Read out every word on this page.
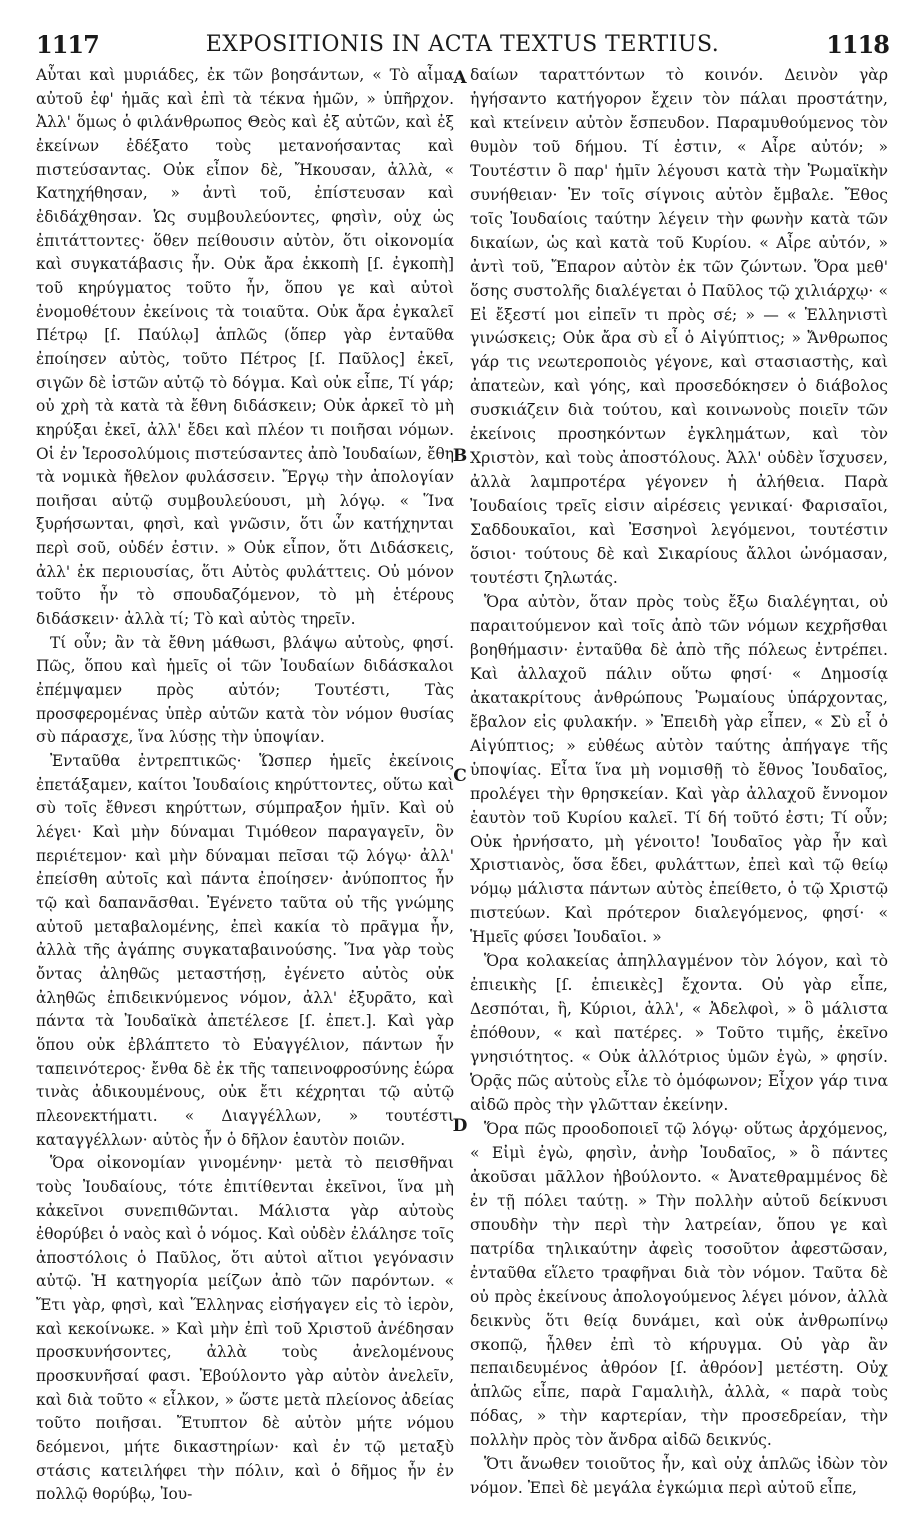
1117	EXPOSITIONIS IN ACTA TEXTUS TERTIUS.	1118

Αὗται καὶ μυριάδες, ἐκ τῶν βοησάντων, « Τὸ αἷμα αὐτοῦ ἐφ' ἡμᾶς καὶ ἐπὶ τὰ τέκνα ἡμῶν, » ὑπῆρχον. Ἀλλ' ὅμως ὁ φιλάνθρωπος Θεὸς καὶ ἐξ αὐτῶν, καὶ ἐξ ἐκείνων ἐδέξατο τοὺς μετανοήσαντας καὶ πιστεύσαντας. Οὐκ εἶπον δὲ, Ἤκουσαν, ἀλλὰ, « Κατηχήθησαν, » ἀντὶ τοῦ, ἐπίστευσαν καὶ ἐδιδάχθησαν. Ὡς συμβουλεύοντες, φησὶν, οὐχ ὡς ἐπιτάττοντες· ὅθεν πείθουσιν αὐτὸν, ὅτι οἰκονομία καὶ συγκατάβασις ἦν. Οὐκ ἄρα ἐκκοπὴ [ſ. ἐγκοπὴ] τοῦ κηρύγματος τοῦτο ἦν, ὅπου γε καὶ αὐτοὶ ἐνομοθέτουν ἐκείνοις τὰ τοιαῦτα. Οὐκ ἄρα ἐγκαλεῖ Πέτρῳ [ſ. Παύλῳ] ἁπλῶς (ὅπερ γὰρ ἐνταῦθα ἐποίησεν αὐτὸς, τοῦτο Πέτρος [ſ. Παῦλος] ἐκεῖ, σιγῶν δὲ ἰστῶν αὐτῷ τὸ δόγμα. Καὶ οὐκ εἶπε, Τί γάρ; οὐ χρὴ τὰ κατὰ τὰ ἔθνη διδάσκειν; Οὐκ ἀρκεῖ τὸ μὴ κηρύξαι ἐκεῖ, ἀλλ' ἔδει καὶ πλέον τι ποιῆσαι νόμων. Οἱ ἐν Ἱεροσολύμοις πιστεύσαντες ἀπὸ Ἰουδαίων, ἔθη τὰ νομικὰ ἤθελον φυλάσσειν. Ἔργῳ τὴν ἀπολογίαν ποιῆσαι αὐτῷ συμβουλεύουσι, μὴ λόγῳ. « Ἵνα ξυρήσωνται, φησὶ, καὶ γνῶσιν, ὅτι ὧν κατήχηνται περὶ σοῦ, οὐδέν ἐστιν. » Οὐκ εἶπον, ὅτι Διδάσκεις, ἀλλ' ἐκ περιουσίας, ὅτι Αὐτὸς φυλάττεις. Οὐ μόνον τοῦτο ἦν τὸ σπουδαζόμενον, τὸ μὴ ἑτέρους διδάσκειν· ἀλλὰ τί; Τὸ καὶ αὐτὸς τηρεῖν.

Τί οὖν; ἂν τὰ ἔθνη μάθωσι, βλάψω αὐτοὺς, φησί. Πῶς, ὅπου καὶ ἡμεῖς οἱ τῶν Ἰουδαίων διδάσκαλοι ἐπέμψαμεν πρὸς αὐτόν; Τουτέστι, Τὰς προσφερομένας ὑπὲρ αὐτῶν κατὰ τὸν νόμον θυσίας σὺ πάρασχε, ἵνα λύσῃς τὴν ὑποψίαν.

Ἐνταῦθα ἐντρεπτικῶς· Ὥσπερ ἡμεῖς ἐκείνοις ἐπετάξαμεν, καίτοι Ἰουδαίοις κηρύττοντες, οὕτω καὶ σὺ τοῖς ἔθνεσι κηρύττων, σύμπραξον ἡμῖν. Καὶ οὐ λέγει· Καὶ μὴν δύναμαι Τιμόθεον παραγαγεῖν, ὃν περιέτεμον· καὶ μὴν δύναμαι πεῖσαι τῷ λόγῳ· ἀλλ' ἐπείσθη αὐτοῖς καὶ πάντα ἐποίησεν· ἀνύποπτος ἦν τῷ καὶ δαπανᾶσθαι. Ἐγένετο ταῦτα οὐ τῆς γνώμης αὐτοῦ μεταβαλομένης, ἐπεὶ κακία τὸ πρᾶγμα ἦν, ἀλλὰ τῆς ἀγάπης συγκαταβαινούσης. Ἵνα γὰρ τοὺς ὄντας ἀληθῶς μεταστήσῃ, ἐγένετο αὐτὸς οὐκ ἀληθῶς ἐπιδεικνύμενος νόμον, ἀλλ' ἐξυρᾶτο, καὶ πάντα τὰ Ἰουδαϊκὰ ἀπετέλεσε [ſ. ἐπετ.]. Καὶ γὰρ ὅπου οὐκ ἐβλάπτετο τὸ Εὐαγγέλιον, πάντων ἦν ταπεινότερος· ἔνθα δὲ ἐκ τῆς ταπεινοφροσύνης ἑώρα τινὰς ἀδικουμένους, οὐκ ἔτι κέχρηται τῷ αὐτῷ πλεονεκτήματι. « Διαγγέλλων, » τουτέστι καταγγέλλων· αὐτὸς ἦν ὁ δῆλον ἑαυτὸν ποιῶν.

Ὅρα οἰκονομίαν γινομένην· μετὰ τὸ πεισθῆναι τοὺς Ἰουδαίους, τότε ἐπιτίθενται ἐκεῖνοι, ἵνα μὴ κἀκεῖνοι συνεπιθῶνται. Μάλιστα γὰρ αὐτοὺς ἐθορύβει ὁ ναὸς καὶ ὁ νόμος. Καὶ οὐδὲν ἐλάλησε τοῖς ἀποστόλοις ὁ Παῦλος, ὅτι αὐτοὶ αἴτιοι γεγόνασιν αὐτῷ. Ἡ κατηγορία μείζων ἀπὸ τῶν παρόντων. « Ἔτι γὰρ, φησὶ, καὶ Ἕλληνας εἰσήγαγεν εἰς τὸ ἱερὸν, καὶ κεκοίνωκε. » Καὶ μὴν ἐπὶ τοῦ Χριστοῦ ἀνέδησαν προσκυνήσοντες, ἀλλὰ τοὺς ἀνελομένους προσκυνῆσαί φασι. Ἐβούλοντο γὰρ αὐτὸν ἀνελεῖν, καὶ διὰ τοῦτο « εἷλκον, » ὥστε μετὰ πλείονος ἀδείας τοῦτο ποιῆσαι. Ἔτυπτον δὲ αὐτὸν μήτε νόμου δεόμενοι, μήτε δικαστηρίων· καὶ ἐν τῷ μεταξὺ στάσις κατειλήφει τὴν πόλιν, καὶ ὁ δῆμος ἦν ἐν πολλῷ θορύβῳ, Ἰου-

A
B
C
D

δαίων ταραττόντων τὸ κοινόν. Δεινὸν γὰρ ἡγήσαντο κατήγορον ἔχειν τὸν πάλαι προστάτην, καὶ κτείνειν αὐτὸν ἔσπευδον. Παραμυθούμενος τὸν θυμὸν τοῦ δήμου. Τί ἐστιν, « Αἶρε αὐτόν; » Τουτέστιν ὃ παρ' ἡμῖν λέγουσι κατὰ τὴν Ῥωμαϊκὴν συνήθειαν· Ἐν τοῖς σίγνοις αὐτὸν ἔμβαλε. Ἔθος τοῖς Ἰουδαίοις ταύτην λέγειν τὴν φωνὴν κατὰ τῶν δικαίων, ὡς καὶ κατὰ τοῦ Κυρίου. « Αἶρε αὐτόν, » ἀντὶ τοῦ, Ἔπαρον αὐτὸν ἐκ τῶν ζώντων. Ὅρα μεθ' ὅσης συστολῆς διαλέγεται ὁ Παῦλος τῷ χιλιάρχῳ· « Εἰ ἔξεστί μοι εἰπεῖν τι πρὸς σέ; » — « Ἑλληνιστὶ γινώσκεις; Οὐκ ἄρα σὺ εἶ ὁ Αἰγύπτιος; » Ἄνθρωπος γάρ τις νεωτεροποιὸς γέγονε, καὶ στασιαστὴς, καὶ ἀπατεὼν, καὶ γόης, καὶ προσεδόκησεν ὁ διάβολος συσκιάζειν διὰ τούτου, καὶ κοινωνοὺς ποιεῖν τῶν ἐκείνοις προσηκόντων ἐγκλημάτων, καὶ τὸν Χριστὸν, καὶ τοὺς ἀποστόλους. Ἀλλ' οὐδὲν ἴσχυσεν, ἀλλὰ λαμπροτέρα γέγονεν ἡ ἀλήθεια. Παρὰ Ἰουδαίοις τρεῖς εἰσιν αἱρέσεις γενικαί· Φαρισαῖοι, Σαδδουκαῖοι, καὶ Ἐσσηνοὶ λεγόμενοι, τουτέστιν ὅσιοι· τούτους δὲ καὶ Σικαρίους ἄλλοι ὠνόμασαν, τουτέστι ζηλωτάς.

Ὅρα αὐτὸν, ὅταν πρὸς τοὺς ἔξω διαλέγηται, οὐ παραιτούμενον καὶ τοῖς ἀπὸ τῶν νόμων κεχρῆσθαι βοηθήμασιν· ἐνταῦθα δὲ ἀπὸ τῆς πόλεως ἐντρέπει. Καὶ ἀλλαχοῦ πάλιν οὕτω φησί· « Δημοσίᾳ ἀκατακρίτους ἀνθρώπους Ῥωμαίους ὑπάρχοντας, ἔβαλον εἰς φυλακήν. » Ἐπειδὴ γὰρ εἶπεν, « Σὺ εἶ ὁ Αἰγύπτιος; » εὐθέως αὐτὸν ταύτης ἀπήγαγε τῆς ὑποψίας. Εἶτα ἵνα μὴ νομισθῇ τὸ ἔθνος Ἰουδαῖος, προλέγει τὴν θρησκείαν. Καὶ γὰρ ἀλλαχοῦ ἔννομον ἑαυτὸν τοῦ Κυρίου καλεῖ. Τί δή τοῦτό ἐστι; Τί οὖν; Οὐκ ἠρνήσατο, μὴ γένοιτο! Ἰουδαῖος γὰρ ἦν καὶ Χριστιανὸς, ὅσα ἔδει, φυλάττων, ἐπεὶ καὶ τῷ θείῳ νόμῳ μάλιστα πάντων αὐτὸς ἐπείθετο, ὁ τῷ Χριστῷ πιστεύων. Καὶ πρότερον διαλεγόμενος, φησί· « Ἡμεῖς φύσει Ἰουδαῖοι. »

Ὅρα κολακείας ἀπηλλαγμένον τὸν λόγον, καὶ τὸ ἐπιεικὴς [ſ. ἐπιεικὲς] ἔχοντα. Οὐ γὰρ εἶπε, Δεσπόται, ἢ, Κύριοι, ἀλλ', « Ἀδελφοὶ, » ὃ μάλιστα ἐπόθουν, « καὶ πατέρες. » Τοῦτο τιμῆς, ἐκεῖνο γνησιότητος. « Οὐκ ἀλλότριος ὑμῶν ἐγὼ, » φησίν. Ὁρᾷς πῶς αὐτοὺς εἶλε τὸ ὁμόφωνον; Εἶχον γάρ τινα αἰδῶ πρὸς τὴν γλῶτταν ἐκείνην.

Ὅρα πῶς προοδοποιεῖ τῷ λόγῳ· οὕτως ἀρχόμενος, « Εἰμὶ ἐγὼ, φησὶν, ἀνὴρ Ἰουδαῖος, » ὃ πάντες ἀκοῦσαι μᾶλλον ἠβούλοντο. « Ἀνατεθραμμένος δὲ ἐν τῇ πόλει ταύτῃ. » Τὴν πολλὴν αὐτοῦ δείκνυσι σπουδὴν τὴν περὶ τὴν λατρείαν, ὅπου γε καὶ πατρίδα τηλικαύτην ἀφεὶς τοσοῦτον ἀφεστῶσαν, ἐνταῦθα εἵλετο τραφῆναι διὰ τὸν νόμον. Ταῦτα δὲ οὐ πρὸς ἐκείνους ἀπολογούμενος λέγει μόνον, ἀλλὰ δεικνὺς ὅτι θείᾳ δυνάμει, καὶ οὐκ ἀνθρωπίνῳ σκοπῷ, ἦλθεν ἐπὶ τὸ κήρυγμα. Οὐ γὰρ ἂν πεπαιδευμένος ἀθρόον [ſ. ἀθρόον] μετέστη. Οὐχ ἁπλῶς εἶπε, παρὰ Γαμαλιὴλ, ἀλλὰ, « παρὰ τοὺς πόδας, » τὴν καρτερίαν, τὴν προσεδρείαν, τὴν πολλὴν πρὸς τὸν ἄνδρα αἰδῶ δεικνύς.

Ὅτι ἄνωθεν τοιοῦτος ἦν, καὶ οὐχ ἁπλῶς ἰδὼν τὸν νόμον. Ἐπεὶ δὲ μεγάλα ἐγκώμια περὶ αὐτοῦ εἶπε,
